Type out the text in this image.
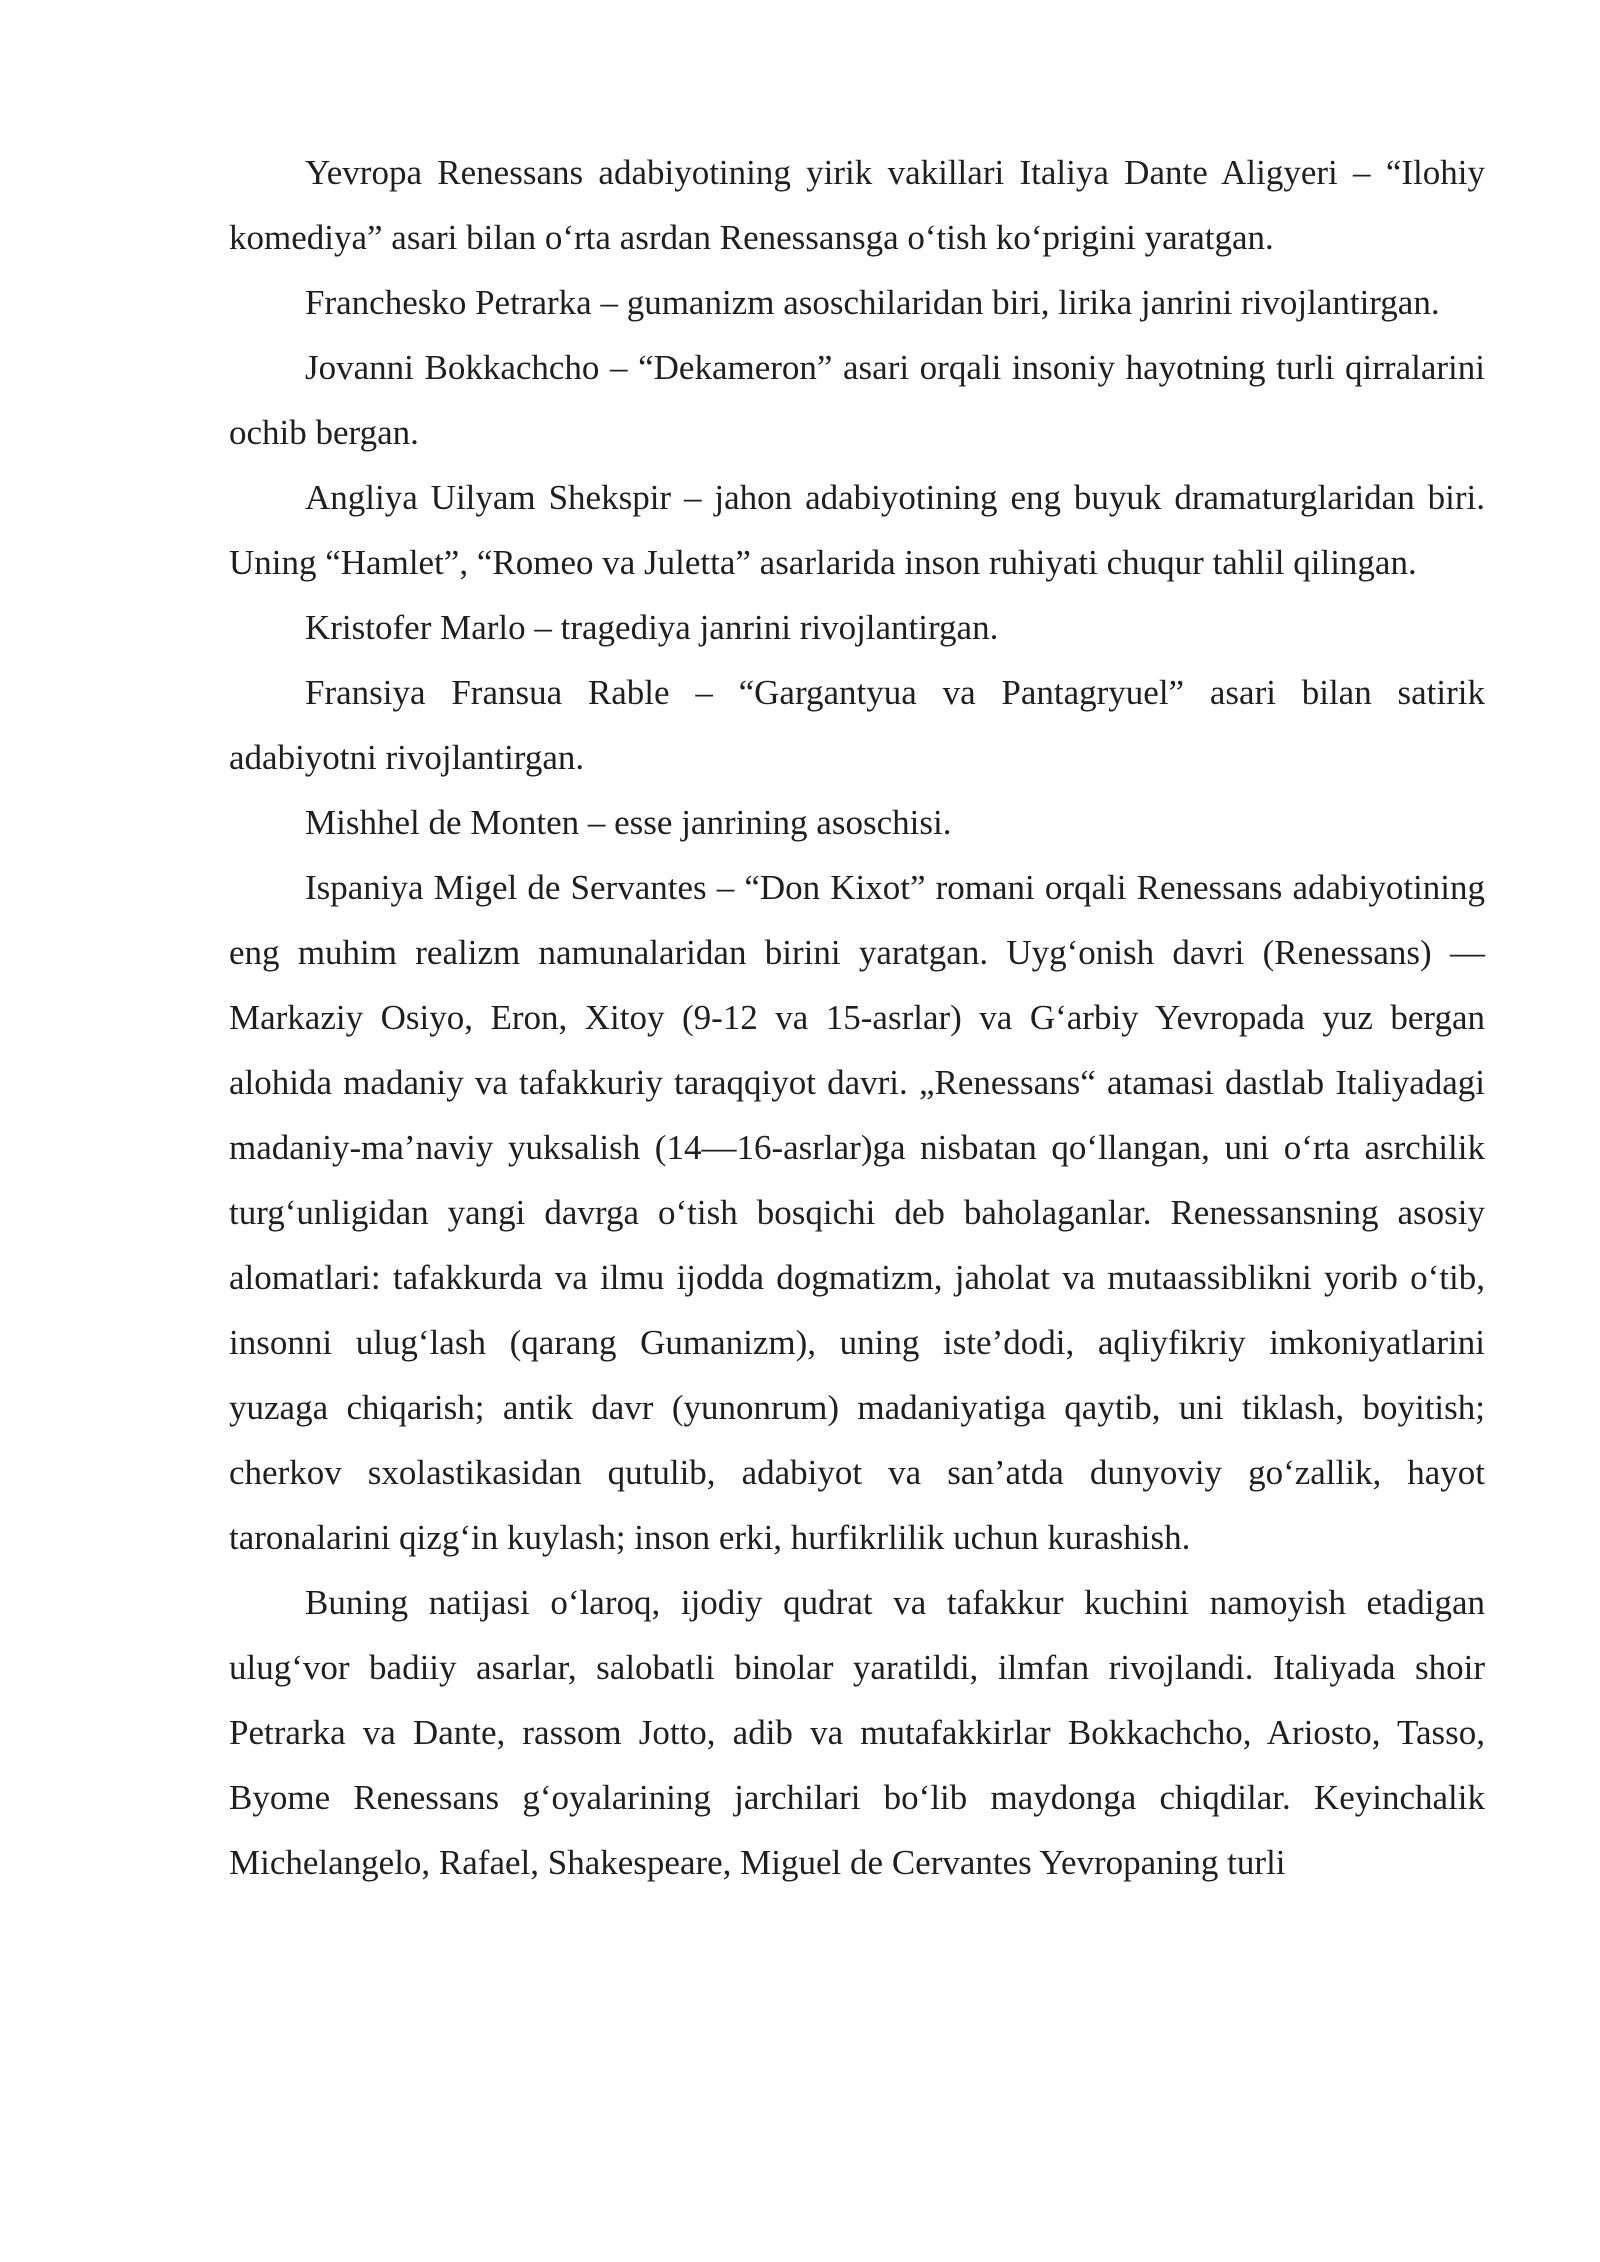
Yevropa Renessans adabiyotining yirik vakillari Italiya Dante Aligyeri – “Ilohiy komediya” asari bilan o‘rta asrdan Renessansga o‘tish ko‘prigini yaratgan.

Franchesko Petrarka – gumanizm asoschilaridan biri, lirika janrini rivojlantirgan.

Jovanni Bokkachcho – “Dekameron” asari orqali insoniy hayotning turli qirralarini ochib bergan.

Angliya Uilyam Shekspir – jahon adabiyotining eng buyuk dramaturglaridan biri. Uning “Hamlet”, “Romeo va Juletta” asarlarida inson ruhiyati chuqur tahlil qilingan.

Kristofer Marlo – tragediya janrini rivojlantirgan.

Fransiya Fransua Rable – “Gargantyua va Pantagryuel” asari bilan satirik adabiyotni rivojlantirgan.

Mishhel de Monten – esse janrining asoschisi.

Ispaniya Migel de Servantes – “Don Kixot” romani orqali Renessans adabiyotining eng muhim realizm namunalaridan birini yaratgan. Uyg‘onish davri (Renessans) — Markaziy Osiyo, Eron, Xitoy (9-12 va 15-asrlar) va G‘arbiy Yevropada yuz bergan alohida madaniy va tafakkuriy taraqqiyot davri. „Renessans“ atamasi dastlab Italiyadagi madaniy-ma’naviy yuksalish (14—16-asrlar)ga nisbatan qo‘llangan, uni o‘rta asrchilik turg‘unligidan yangi davrga o‘tish bosqichi deb baholaganlar. Renessansning asosiy alomatlari: tafakkurda va ilmu ijodda dogmatizm, jaholat va mutaassiblikni yorib o‘tib, insonni ulug‘lash (qarang Gumanizm), uning iste’dodi, aqliyfikriy imkoniyatlarini yuzaga chiqarish; antik davr (yunonrum) madaniyatiga qaytib, uni tiklash, boyitish; cherkov sxolastikasidan qutulib, adabiyot va san’atda dunyoviy go‘zallik, hayot taronalarini qizg‘in kuylash; inson erki, hurfikrlilik uchun kurashish.

Buning natijasi o‘laroq, ijodiy qudrat va tafakkur kuchini namoyish etadigan ulug‘vor badiiy asarlar, salobatli binolar yaratildi, ilmfan rivojlandi. Italiyada shoir Petrarka va Dante, rassom Jotto, adib va mutafakkirlar Bokkachcho, Ariosto, Tasso, Byome Renessans g‘oyalarining jarchilari bo‘lib maydonga chiqdilar. Keyinchalik Michelangelo, Rafael, Shakespeare, Miguel de Cervantes Yevropaning turli
